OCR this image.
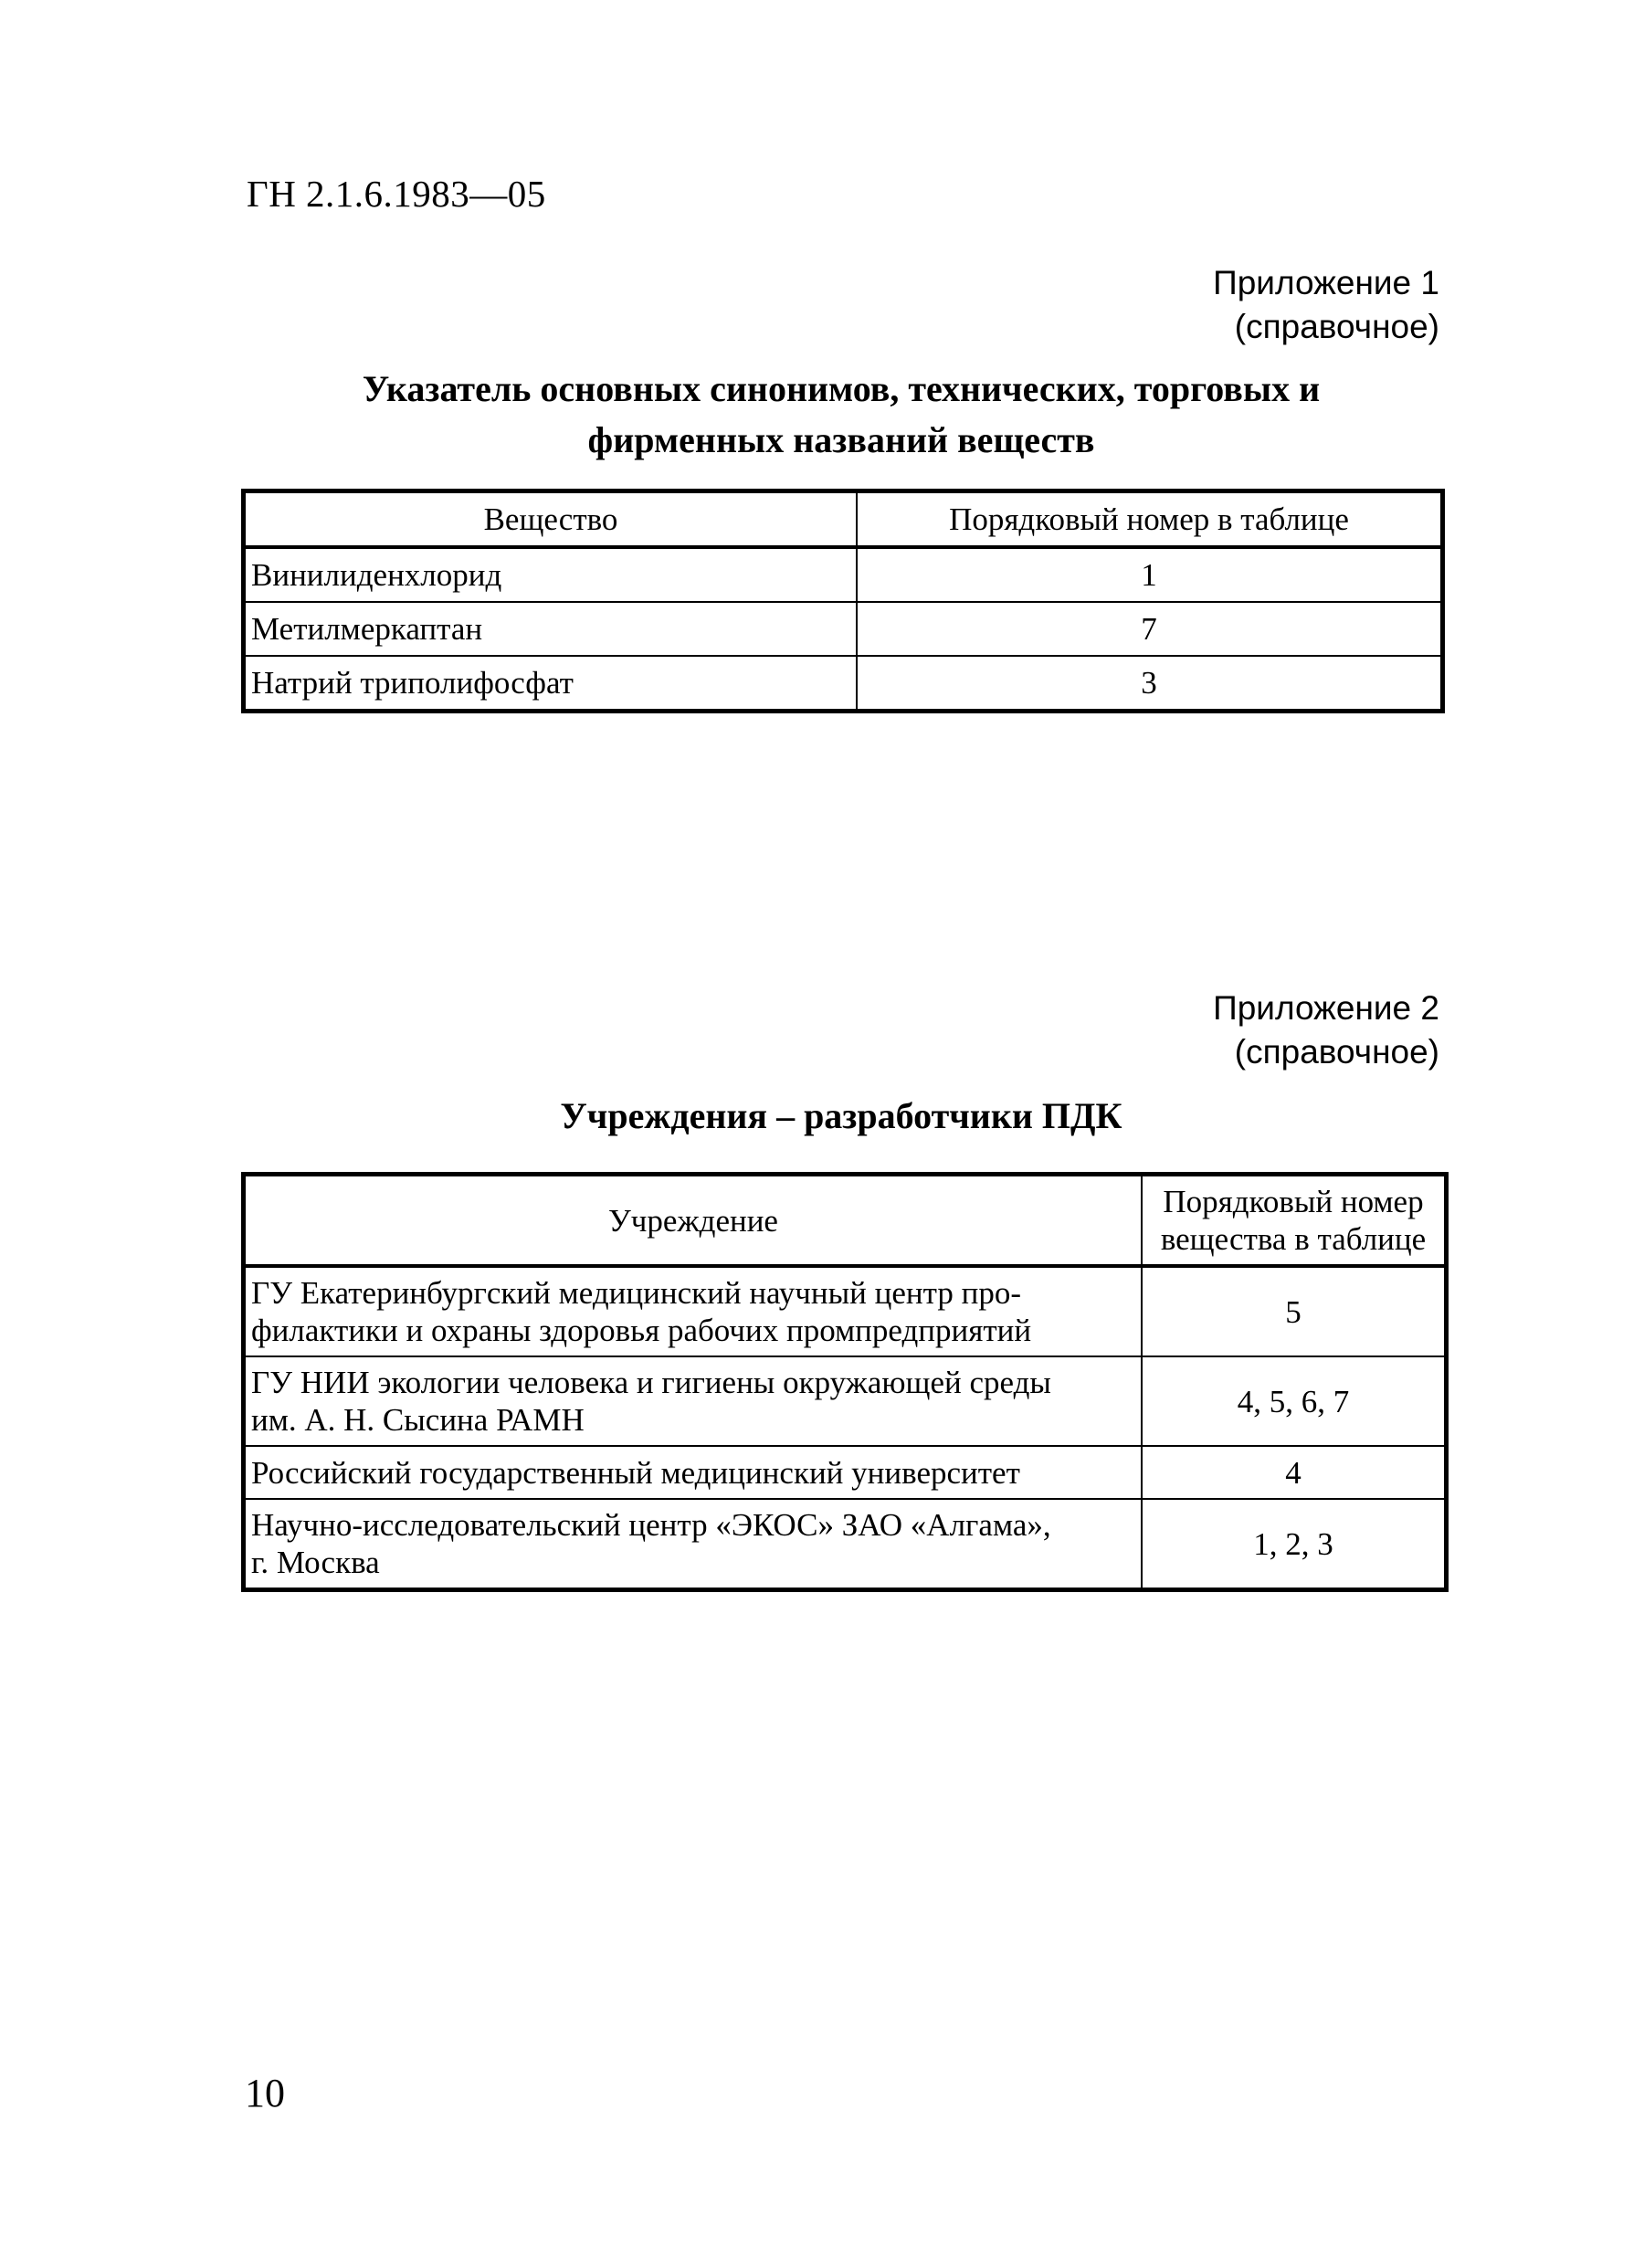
ГН 2.1.6.1983—05
Приложение 1
(справочное)
Указатель основных синонимов, технических, торговых и
фирменных названий веществ
Вещество	Порядковый номер в таблице
Винилиденхлорид	1
Метилмеркаптан	7
Натрий триполифосфат	3
Приложение 2
(справочное)
Учреждения – разработчики ПДК
Учреждение	Порядковый номер
вещества в таблице

ГУ Екатеринбургский медицинский научный центр про-
филактики и охраны здоровья рабочих промпредприятий	5

ГУ НИИ экологии человека и гигиены окружающей среды
им. А. Н. Сысина РАМН	4, 5, 6, 7

Российский государственный медицинский университет	4

Научно-исследовательский центр «ЭКОС» ЗАО «Алгама»,
г. Москва	1, 2, 3
10
